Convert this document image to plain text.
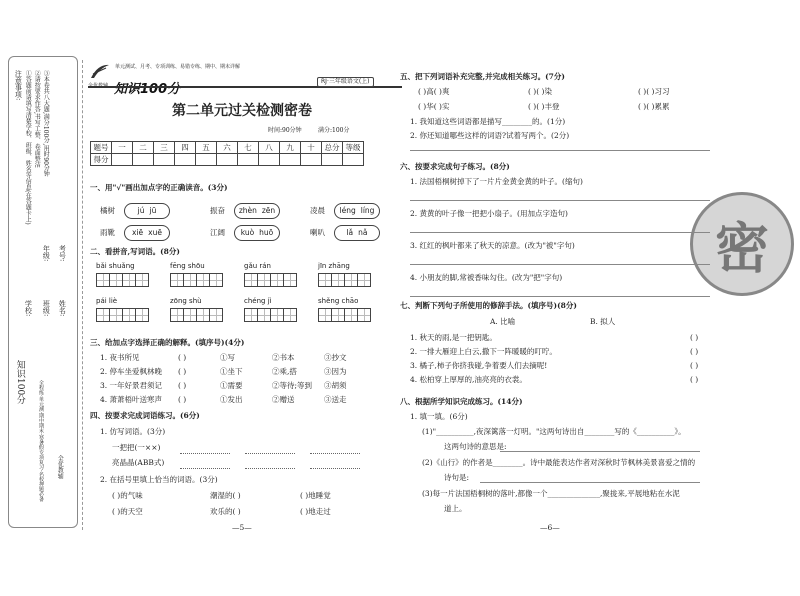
注意事项: ①答题前请填写清楚学校、班级、姓名等信息(在答题卡上) ②请按要求作答,书写工整、卷面整洁 ③本卷共八大题,满分100分,用时90分钟
考号:
姓名:
年级:
班级:
学校:
知识100分	全程练·单元测·期中期末·寒暑假专项复习·名校押题必备 全优教辅
全优教辅 知识100分
单元测试、月考、专项训练、易错专练、期中、期末详解
RJ·三年级语文(上)
第二单元过关检测密卷
时间:90分钟	满分:100分
题号	一	二	三	四	五	六	七	八	九	十	总分	等级
得分												
一、用"√"画出加点字的正确读音。(3分)
二、看拼音,写词语。(8分)
三、给加点字选择正确的解释。(填序号)(4分)
四、按要求完成词语练习。(6分)
1. 仿写词语。(3分)
一把把(一××)
亮晶晶(ABB式)
2. 在括号里填上恰当的词语。(3分)
( )的气味	潮湿的( )	( )地睡觉
( )的天空	欢乐的( )	( )地走过
—5—
五、把下列词语补充完整,并完成相关练习。(7分)
1. 我知道这些词语都是描写________的。(1分)
2. 你还知道哪些这样的词语?试着写两个。(2分)
六、按要求完成句子练习。(8分)
七、判断下列句子所使用的修辞手法。(填序号)(8分)
A. 比喻	B. 拟人
八、根据所学知识完成练习。(14分)
1. 填一填。(6分)
(1)"__________,夜深篱落一灯明。"这两句诗出自________写的《__________》。
这两句诗的意思是:
(2)《山行》的作者是________。诗中最能表达作者对深秋时节枫林美景喜爱之情的
诗句是:
(3)每一片法国梧桐树的落叶,都像一个______________,聚拢来,平展地粘在水泥
道上。
—6—
密
橘树	jú jū	振奋	zhèn zēn	凌晨	léng líng
雨靴	xiē xuē	江阔	kuò huō	喇叭	lǎ nǎ
bǎi shuǎng	fēng shōu	gǎu rán	jīn zhāng
pái liè	zōng shù	chéng jì	shěng chāo
1. 夜书所见	( )	①写	②书本	③抄文
2. 停车坐爱枫林晚 ( )	①坐下	②乘,搭	③因为
3. 一年好景君须记 ( )	①需要	②等待;等到 ③胡须
4. 萧萧梧叶送寒声 ( )	①发出	②赠送	③送走
( )高( )爽	( )( )染	( )( )习习
( )华( )实	( )( )丰登	( )( )累累
1. 法国梧桐树掉下了一片片金黄金黄的叶子。(缩句)
2. 黄黄的叶子像一把把小扇子。(用加点字造句)
3. 红红的枫叶都来了秋天的凉意。(改为"被"字句)
4. 小朋友的脚,常被香味勾住。(改为"把"字句)
1. 秋天的雨,是一把钥匙。	( )
2. 一排大雁迎上白云,撒下一阵暖暖的叮咛。	( )
3. 橘子,柿子你挤我碰,争着要人们去摘呢!	( )
4. 松柏穿上厚厚的,油亮亮的衣裳。	( )
